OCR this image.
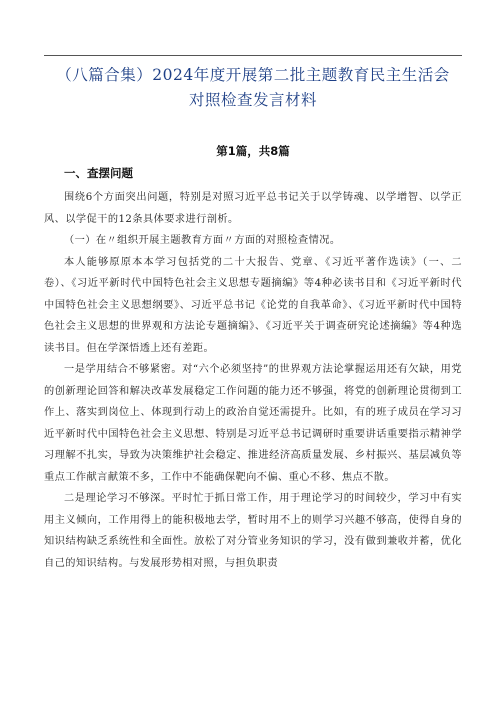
（八篇合集）2024年度开展第二批主题教育民主生活会
对照检查发言材料
第1篇，共8篇
一、查摆问题

围绕6个方面突出问题，特别是对照习近平总书记关于以学铸魂、以学增智、以学正风、以学促干的12条具体要求进行剖析。

（一）在〃组织开展主题教育方面〃方面的对照检查情况。

本人能够原原本本学习包括党的二十大报告、党章、《习近平著作选读》（一、二卷）、《习近平新时代中国特色社会主义思想专题摘编》等4种必读书目和《习近平新时代中国特色社会主义思想纲要》、习近平总书记《论党的自我革命》、《习近平新时代中国特色社会主义思想的世界观和方法论专题摘编》、《习近平关于调查研究论述摘编》等4种选读书目。但在学深悟透上还有差距。

一是学用结合不够紧密。对“六个必须坚持”的世界观方法论掌握运用还有欠缺，用党的创新理论回答和解决改革发展稳定工作问题的能力还不够强，将党的创新理论贯彻到工作上、落实到岗位上、体现到行动上的政治自觉还需提升。比如，有的班子成员在学习习近平新时代中国特色社会主义思想、特别是习近平总书记调研时重要讲话重要指示精神学习理解不扎实，导致为决策维护社会稳定、推进经济高质量发展、乡村振兴、基层减负等重点工作献言献策不多，工作中不能确保靶向不偏、重心不移、焦点不散。

二是理论学习不够深。平时忙于抓日常工作，用于理论学习的时间较少，学习中有实用主义倾向，工作用得上的能积极地去学，暂时用不上的则学习兴趣不够高，使得自身的知识结构缺乏系统性和全面性。放松了对分管业务知识的学习，没有做到兼收并蓄，优化自己的知识结构。与发展形势相对照，与担负职责
